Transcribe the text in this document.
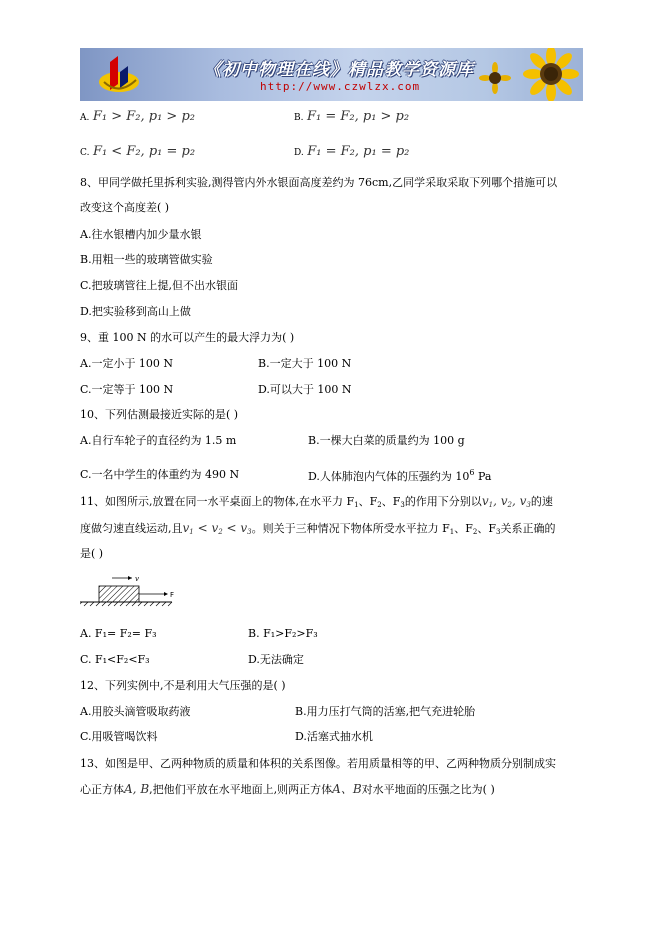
《初中物理在线》精品教学资源库
http://www.czwlzx.com
A. F₁ > F₂, p₁ > p₂	B. F₁ = F₂, p₁ > p₂
C. F₁ < F₂, p₁ = p₂	D. F₁ = F₂, p₁ = p₂
8、甲同学做托里拆利实验,测得管内外水银面高度差约为 76cm,乙同学采取采取下列哪个措施可以
改变这个高度差( )
A.往水银槽内加少量水银
B.用粗一些的玻璃管做实验
C.把玻璃管往上提,但不出水银面
D.把实验移到高山上做
9、重 100 N 的水可以产生的最大浮力为( )
A.一定小于 100 N	B.一定大于 100 N
C.一定等于 100 N	D.可以大于 100 N
10、下列估测最接近实际的是( )
A.自行车轮子的直径约为 1.5 m	B.一棵大白菜的质量约为 100 g
C.一名中学生的体重约为 490 N	D.人体肺泡内气体的压强约为 $10^6$ Pa
11、如图所示,放置在同一水平桌面上的物体,在水平力 $F_1$、$F_2$、$F_3$的作用下分别以$v_1$, $v_2$, $v_3$的速
度做匀速直线运动,且$v_1 < v_2 < v_3$。则关于三种情况下物体所受水平拉力 $F_1$、$F_2$、$F_3$关系正确的
是( )
v
F
A. F₁= F₂= F₃	B. F₁>F₂>F₃
C. F₁<F₂<F₃	D.无法确定
12、下列实例中,不是利用大气压强的是( )
A.用胶头滴管吸取药液	B.用力压打气筒的活塞,把气充进轮胎
C.用吸管喝饮料	D.活塞式抽水机
13、如图是甲、乙两种物质的质量和体积的关系图像。若用质量相等的甲、乙两种物质分别制成实
心正方体A, B,把他们平放在水平地面上,则两正方体A、B对水平地面的压强之比为( )
